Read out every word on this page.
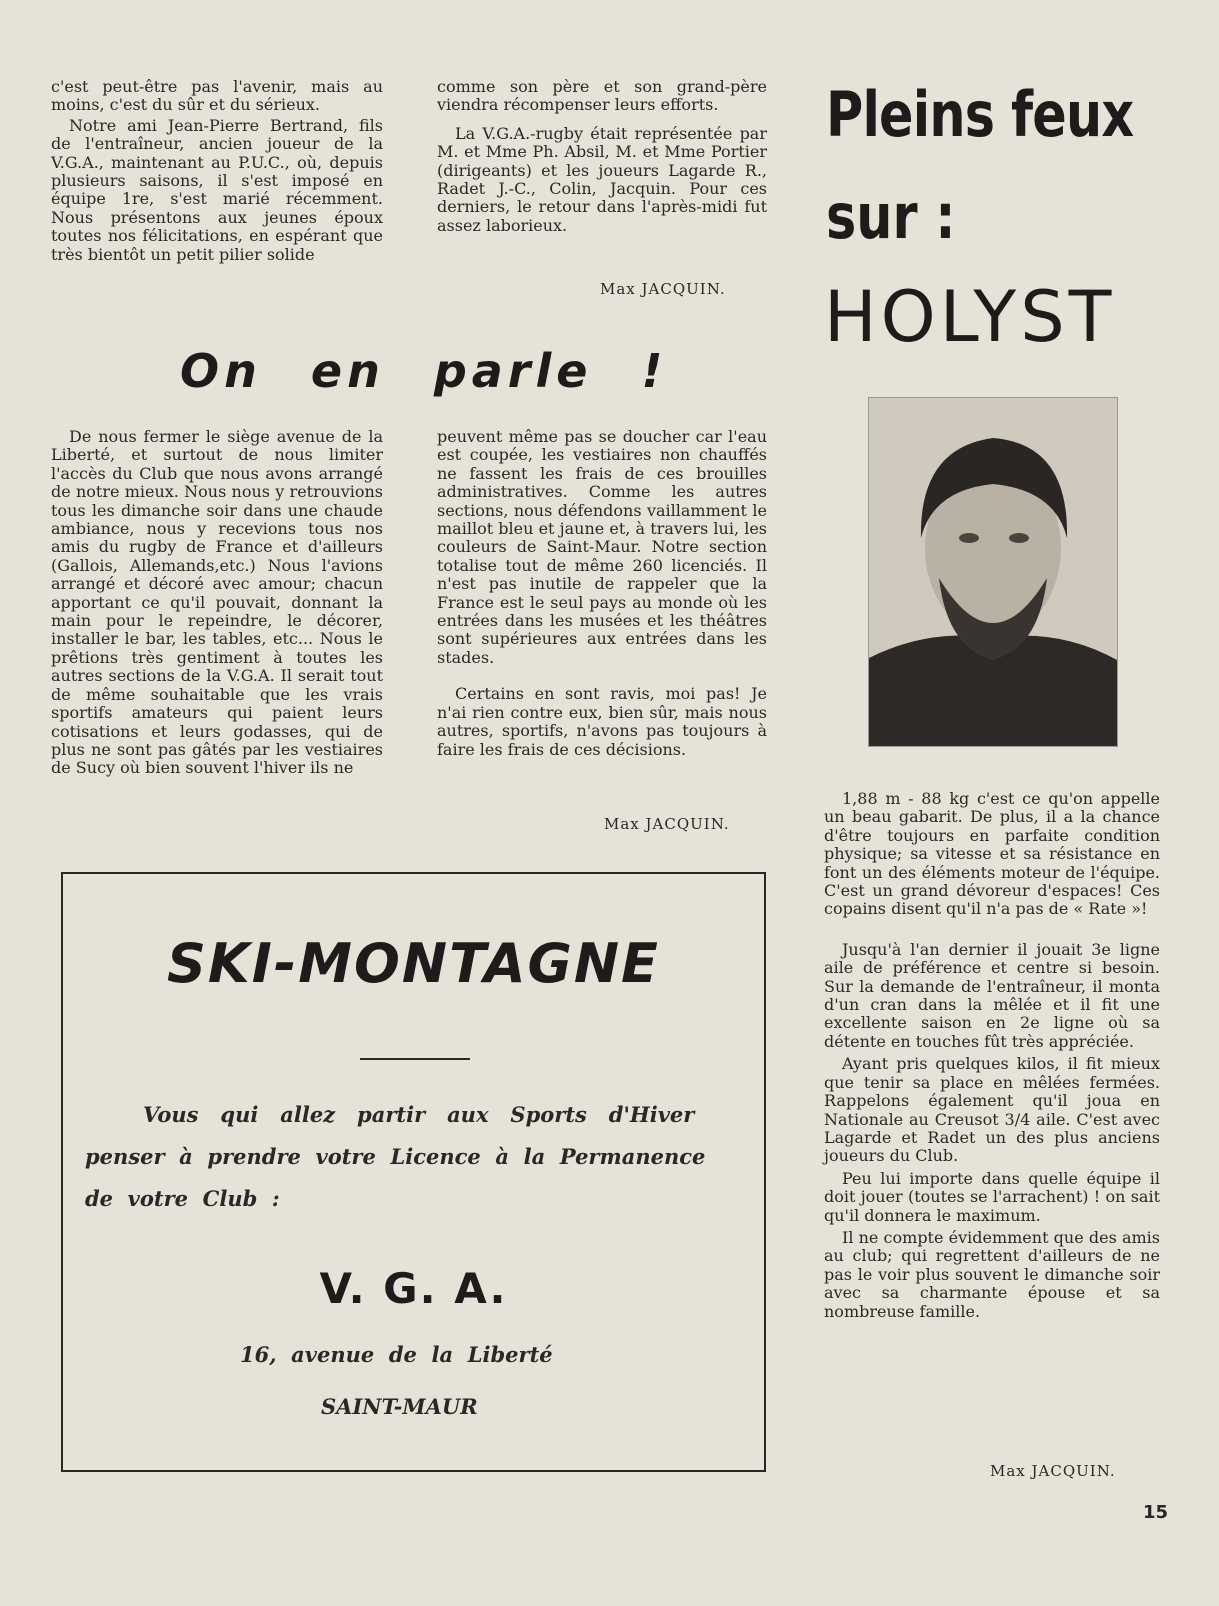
c'est peut-être pas l'avenir, mais au moins, c'est du sûr et du sérieux.

Notre ami Jean-Pierre Bertrand, fils de l'entraîneur, ancien joueur de la V.G.A., maintenant au P.U.C., où, depuis plusieurs saisons, il s'est imposé en équipe 1re, s'est marié récemment. Nous présentons aux jeunes époux toutes nos félicitations, en espérant que très bientôt un petit pilier solide

comme son père et son grand-père viendra récompenser leurs efforts.

La V.G.A.-rugby était représentée par M. et Mme Ph. Absil, M. et Mme Portier (dirigeants) et les joueurs Lagarde R., Radet J.-C., Colin, Jacquin. Pour ces derniers, le retour dans l'après-midi fut assez laborieux.

Max JACQUIN.
On en parle !

De nous fermer le siège avenue de la Liberté, et surtout de nous limiter l'accès du Club que nous avons arrangé de notre mieux. Nous nous y retrouvions tous les dimanche soir dans une chaude ambiance, nous y recevions tous nos amis du rugby de France et d'ailleurs (Gallois, Allemands,etc.) Nous l'avions arrangé et décoré avec amour; chacun apportant ce qu'il pouvait, donnant la main pour le repeindre, le décorer, installer le bar, les tables, etc... Nous le prêtions très gentiment à toutes les autres sections de la V.G.A. Il serait tout de même souhaitable que les vrais sportifs amateurs qui paient leurs cotisations et leurs godasses, qui de plus ne sont pas gâtés par les vestiaires de Sucy où bien souvent l'hiver ils ne

peuvent même pas se doucher car l'eau est coupée, les vestiaires non chauffés ne fassent les frais de ces brouilles administratives. Comme les autres sections, nous défendons vaillamment le maillot bleu et jaune et, à travers lui, les couleurs de Saint-Maur. Notre section totalise tout de même 260 licenciés. Il n'est pas inutile de rappeler que la France est le seul pays au monde où les entrées dans les musées et les théâtres sont supérieures aux entrées dans les stades.

Certains en sont ravis, moi pas! Je n'ai rien contre eux, bien sûr, mais nous autres, sportifs, n'avons pas toujours à faire les frais de ces décisions.

Max JACQUIN.
SKI-MONTAGNE
Vous   qui   allez   partir   aux   Sports   d'Hiver
penser  à  prendre  votre  Licence  à  la  Permanence
de  votre  Club  :
V. G. A.
16,  avenue  de  la  Liberté
SAINT-MAUR
Pleins feux
sur :
HOLYST

1,88 m - 88 kg c'est ce qu'on appelle un beau gabarit. De plus, il a la chance d'être toujours en parfaite condition physique; sa vitesse et sa résistance en font un des éléments moteur de l'équipe. C'est un grand dévoreur d'espaces! Ces copains disent qu'il n'a pas de « Rate »!

Jusqu'à l'an dernier il jouait 3e ligne aile de préférence et centre si besoin. Sur la demande de l'entraîneur, il monta d'un cran dans la mêlée et il fit une excellente saison en 2e ligne où sa détente en touches fût très appréciée.

Ayant pris quelques kilos, il fit mieux que tenir sa place en mêlées fermées. Rappelons également qu'il joua en Nationale au Creusot 3/4 aile. C'est avec Lagarde et Radet un des plus anciens joueurs du Club.

Peu lui importe dans quelle équipe il doit jouer (toutes se l'arrachent) ! on sait qu'il donnera le maximum.

Il ne compte évidemment que des amis au club; qui regrettent d'ailleurs de ne pas le voir plus souvent le dimanche soir avec sa charmante épouse et sa nombreuse famille.

Max JACQUIN.
15
